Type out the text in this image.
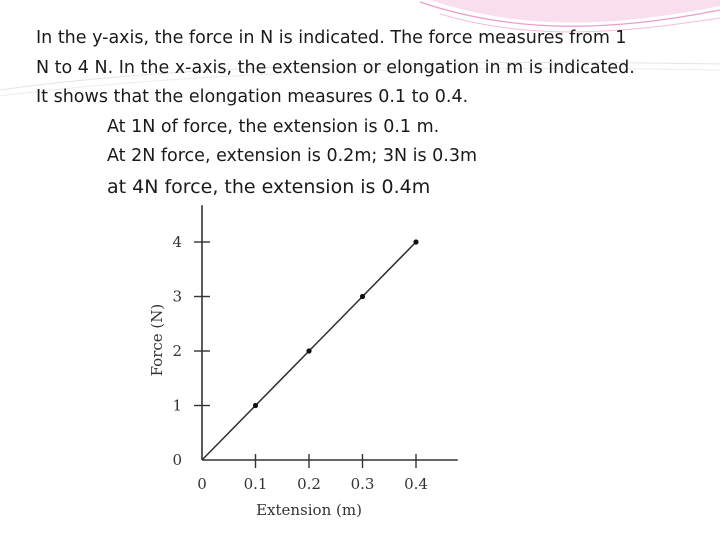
In the y-axis, the force in N is indicated. The force measures from 1
N to 4 N. In the x-axis, the extension or elongation in m is indicated.
It shows that the elongation measures 0.1 to 0.4.
At 1N of force, the extension is 0.1 m.
At 2N force, extension is 0.2m; 3N is 0.3m
at 4N force, the extension is 0.4m
0
1
2
3
4
0 0.1 0.2 0.3 0.4
Extension (m)
Force (N)
